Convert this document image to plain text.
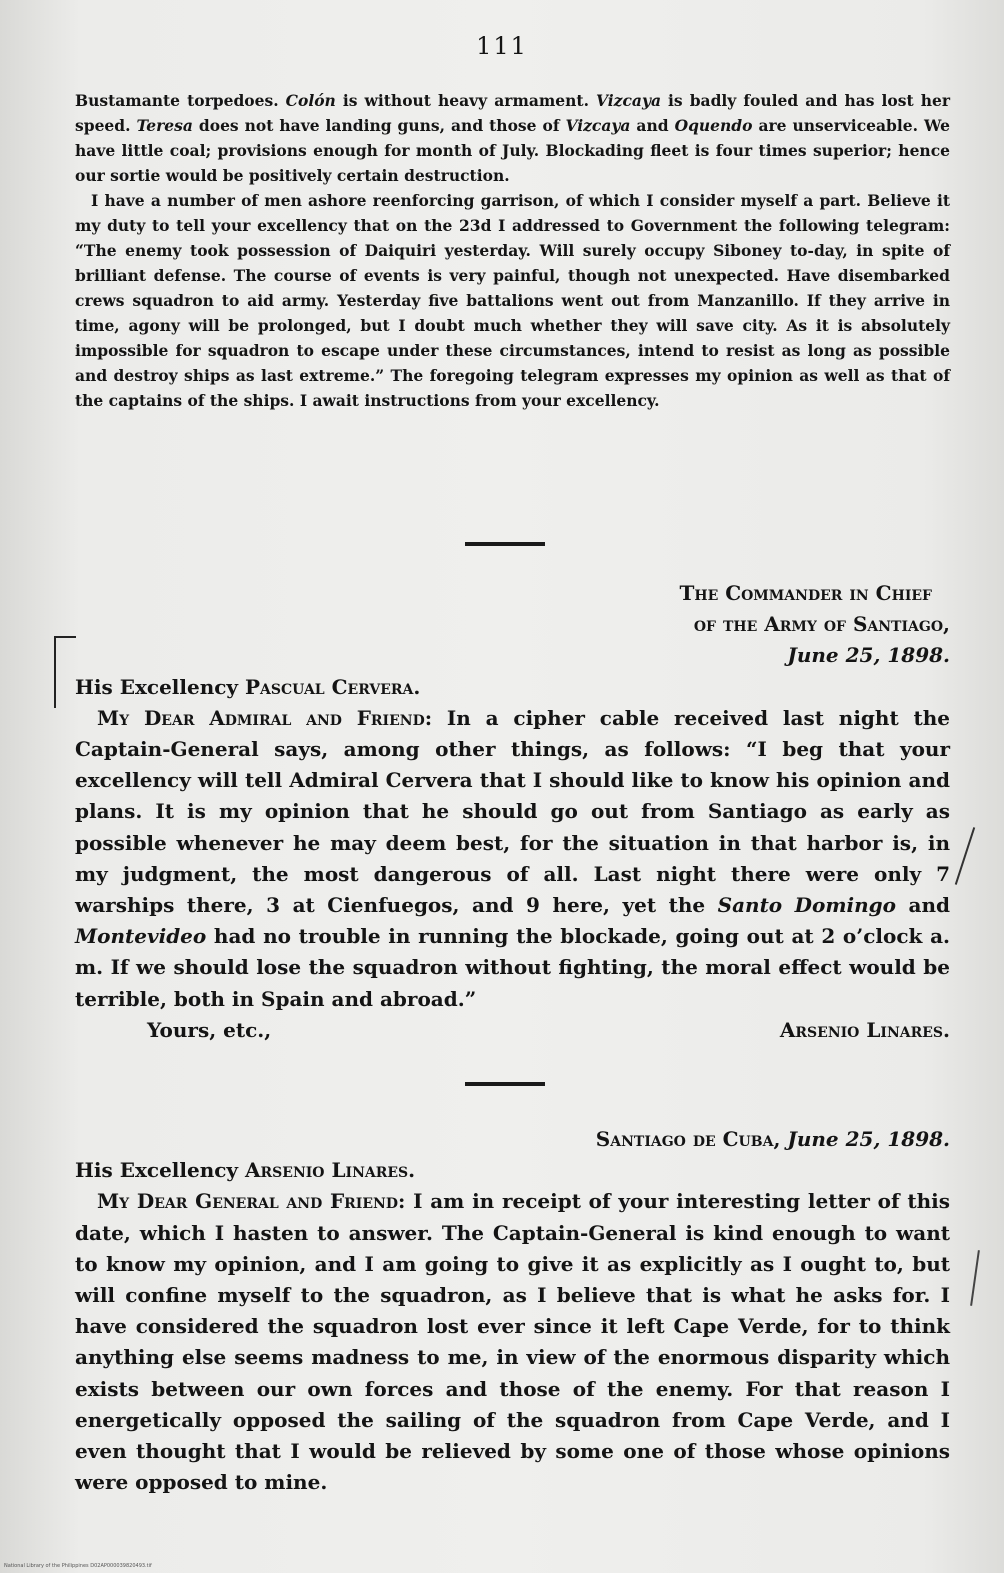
111

Bustamante torpedoes. Colón is without heavy armament. Vizcaya is badly fouled and has lost her speed. Teresa does not have landing guns, and those of Vizcaya and Oquendo are unserviceable. We have little coal; provisions enough for month of July. Blockading fleet is four times superior; hence our sortie would be positively certain destruction.

I have a number of men ashore reenforcing garrison, of which I consider myself a part. Believe it my duty to tell your excellency that on the 23d I addressed to Government the following telegram: “The enemy took possession of Daiquiri yesterday. Will surely occupy Siboney to-day, in spite of brilliant defense. The course of events is very painful, though not unexpected. Have disembarked crews squadron to aid army. Yesterday five battalions went out from Manzanillo. If they arrive in time, agony will be prolonged, but I doubt much whether they will save city. As it is absolutely impossible for squadron to escape under these circumstances, intend to resist as long as possible and destroy ships as last extreme.” The foregoing telegram expresses my opinion as well as that of the captains of the ships. I await instructions from your excellency.

The Commander in Chief
of the Army of Santiago,
June 25, 1898.
His Excellency Pascual Cervera.

My Dear Admiral and Friend: In a cipher cable received last night the Captain-General says, among other things, as follows: “I beg that your excellency will tell Admiral Cervera that I should like to know his opinion and plans. It is my opinion that he should go out from Santiago as early as possible whenever he may deem best, for the situation in that harbor is, in my judgment, the most dangerous of all. Last night there were only 7 warships there, 3 at Cienfuegos, and 9 here, yet the Santo Domingo and Montevideo had no trouble in running the blockade, going out at 2 o’clock a. m. If we should lose the squadron without fighting, the moral effect would be terrible, both in Spain and abroad.”

Yours, etc.,	Arsenio Linares.
Santiago de Cuba, June 25, 1898.
His Excellency Arsenio Linares.

My Dear General and Friend: I am in receipt of your interesting letter of this date, which I hasten to answer. The Captain-General is kind enough to want to know my opinion, and I am going to give it as explicitly as I ought to, but will confine myself to the squadron, as I believe that is what he asks for. I have considered the squadron lost ever since it left Cape Verde, for to think anything else seems madness to me, in view of the enormous disparity which exists between our own forces and those of the enemy. For that reason I energetically opposed the sailing of the squadron from Cape Verde, and I even thought that I would be relieved by some one of those whose opinions were opposed to mine.

National Library of the Philippines D02AP000039820493.tif
